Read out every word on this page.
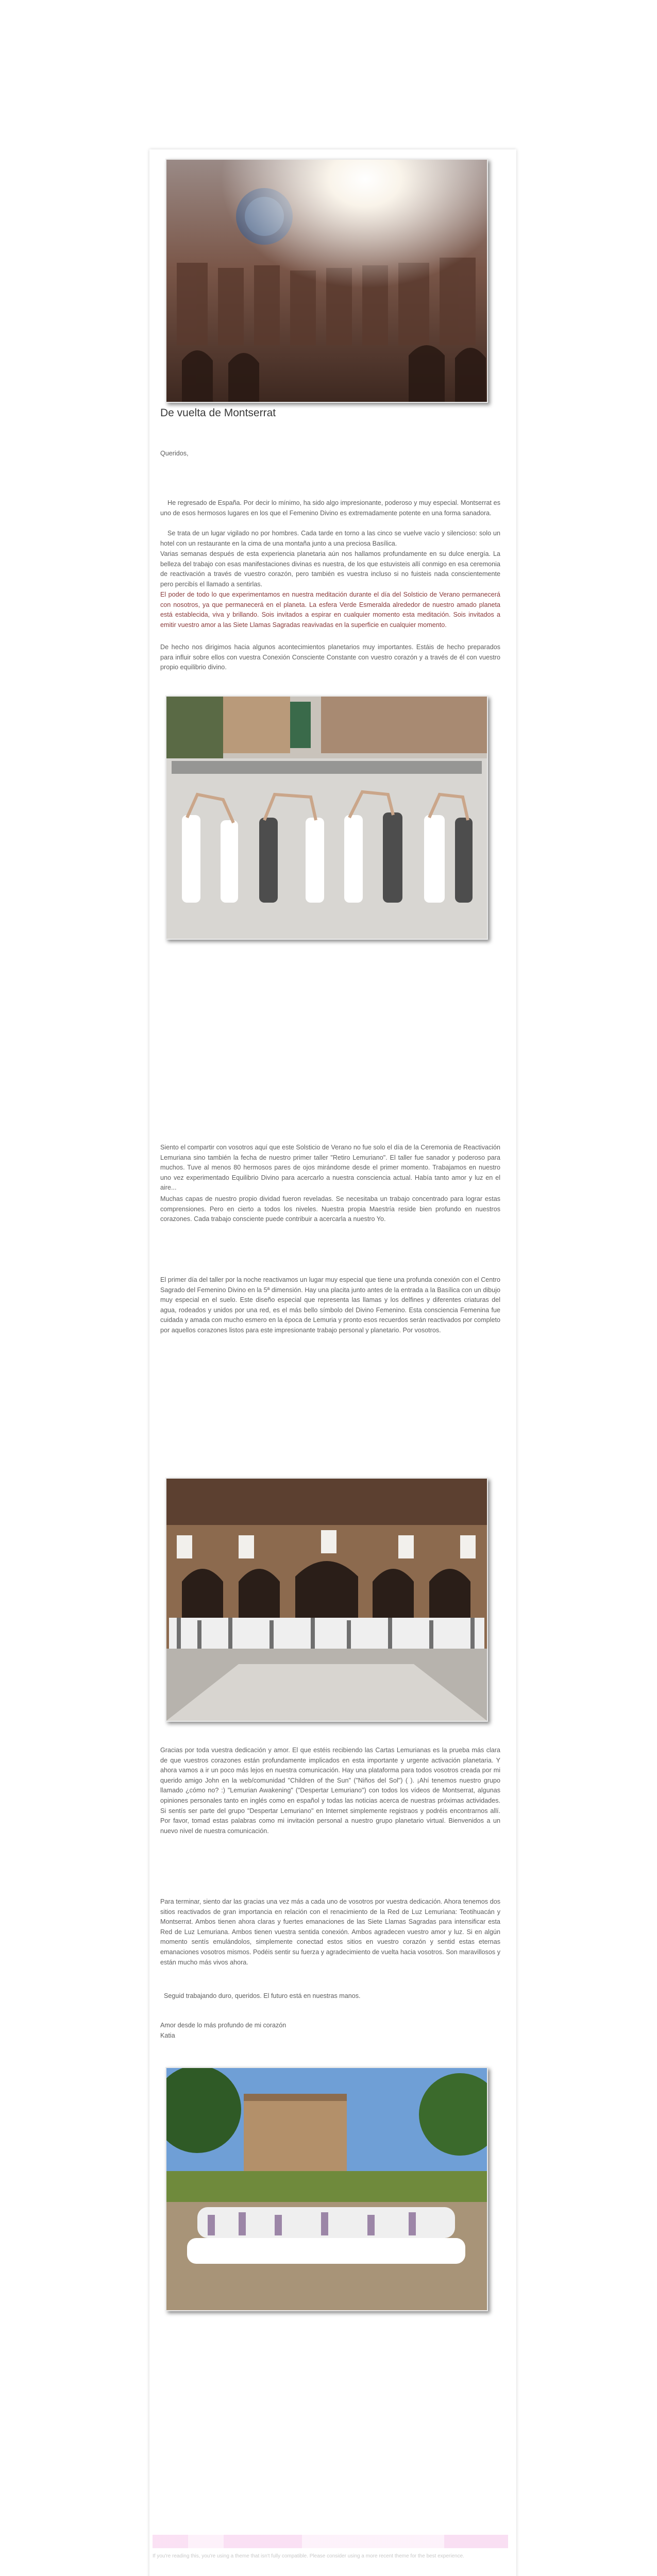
De vuelta de Montserrat

Queridos,

He regresado de España. Por decir lo mínimo, ha sido algo impresionante, poderoso y muy especial. Montserrat es uno de esos hermosos lugares en los que el Femenino Divino es extremadamente potente en una forma sanadora.

Se trata de un lugar vigilado no por hombres. Cada tarde en torno a las cinco se vuelve vacío y silencioso: solo un hotel con un restaurante en la cima de una montaña junto a una preciosa Basílica.

Varias semanas después de esta experiencia planetaria aún nos hallamos profundamente en su dulce energía. La belleza del trabajo con esas manifestaciones divinas es nuestra, de los que estuvisteis allí conmigo en esa ceremonia de reactivación a través de vuestro corazón, pero también es vuestra incluso si no fuisteis nada conscientemente pero percibís el llamado a sentirlas.

El poder de todo lo que experimentamos en nuestra meditación durante el día del Solsticio de Verano permanecerá con nosotros, ya que permanecerá en el planeta. La esfera Verde Esmeralda alrededor de nuestro amado planeta está establecida, viva y brillando. Sois invitados a espirar en cualquier momento esta meditación. Sois invitados a emitir vuestro amor a las Siete Llamas Sagradas reavivadas en la superficie en cualquier momento.

De hecho nos dirigimos hacia algunos acontecimientos planetarios muy importantes. Estáis de hecho preparados para influir sobre ellos con vuestra Conexión Consciente Constante con vuestro corazón y a través de él con vuestro propio equilibrio divino.

Siento el compartir con vosotros aquí que este Solsticio de Verano no fue solo el día de la Ceremonia de Reactivación Lemuriana sino también la fecha de nuestro primer taller "Retiro Lemuriano". El taller fue sanador y poderoso para muchos. Tuve al menos 80 hermosos pares de ojos mirándome desde el primer momento. Trabajamos en nuestro uno vez experimentado Equilibrio Divino para acercarlo a nuestra consciencia actual. Había tanto amor y luz en el aire...

Muchas capas de nuestro propio dividad fueron reveladas. Se necesitaba un trabajo concentrado para lograr estas comprensiones. Pero en cierto a todos los niveles. Nuestra propia Maestría reside bien profundo en nuestros corazones. Cada trabajo consciente puede contribuir a acercarla a nuestro Yo.

El primer día del taller por la noche reactivamos un lugar muy especial que tiene una profunda conexión con el Centro Sagrado del Femenino Divino en la 5ª dimensión. Hay una placita junto antes de la entrada a la Basílica con un dibujo muy especial en el suelo. Este diseño especial que representa las llamas y los delfines y diferentes criaturas del agua, rodeados y unidos por una red, es el más bello símbolo del Divino Femenino. Esta consciencia Femenina fue cuidada y amada con mucho esmero en la época de Lemuria y pronto esos recuerdos serán reactivados por completo por aquellos corazones listos para este impresionante trabajo personal y planetario. Por vosotros.

Gracias por toda vuestra dedicación y amor. El que estéis recibiendo las Cartas Lemurianas es la prueba más clara de que vuestros corazones están profundamente implicados en esta importante y urgente activación planetaria. Y ahora vamos a ir un poco más lejos en nuestra comunicación. Hay una plataforma para todos vosotros creada por mi querido amigo John en la web/comunidad "Children of the Sun" ("Niños del Sol") ( ). ¡Ahí tenemos nuestro grupo llamado ¿cómo no? :) "Lemurian Awakening" ("Despertar Lemuriano") con todos los vídeos de Montserrat, algunas opiniones personales tanto en inglés como en español y todas las noticias acerca de nuestras próximas actividades. Si sentís ser parte del grupo "Despertar Lemuriano" en Internet simplemente registraos y podréis encontrarnos allí. Por favor, tomad estas palabras como mi invitación personal a nuestro grupo planetario virtual. Bienvenidos a un nuevo nivel de nuestra comunicación.

Para terminar, siento dar las gracias una vez más a cada uno de vosotros por vuestra dedicación. Ahora tenemos dos sitios reactivados de gran importancia en relación con el renacimiento de la Red de Luz Lemuriana: Teotihuacán y Montserrat. Ambos tienen ahora claras y fuertes emanaciones de las Siete Llamas Sagradas para intensificar esta Red de Luz Lemuriana. Ambos tienen vuestra sentida conexión. Ambos agradecen vuestro amor y luz. Si en algún momento sentís emulándolos, simplemente conectad estos sitios en vuestro corazón y sentid estas eternas emanaciones vosotros mismos. Podéis sentir su fuerza y agradecimiento de vuelta hacia vosotros. Son maravillosos y están mucho más vivos ahora.

Seguid trabajando duro, queridos. El futuro está en nuestras manos.

Amor desde lo más profundo de mi corazón

Katia

If you're reading this, you're using a theme that isn't fully compatible. Please consider using a more recent theme for the best experience.
